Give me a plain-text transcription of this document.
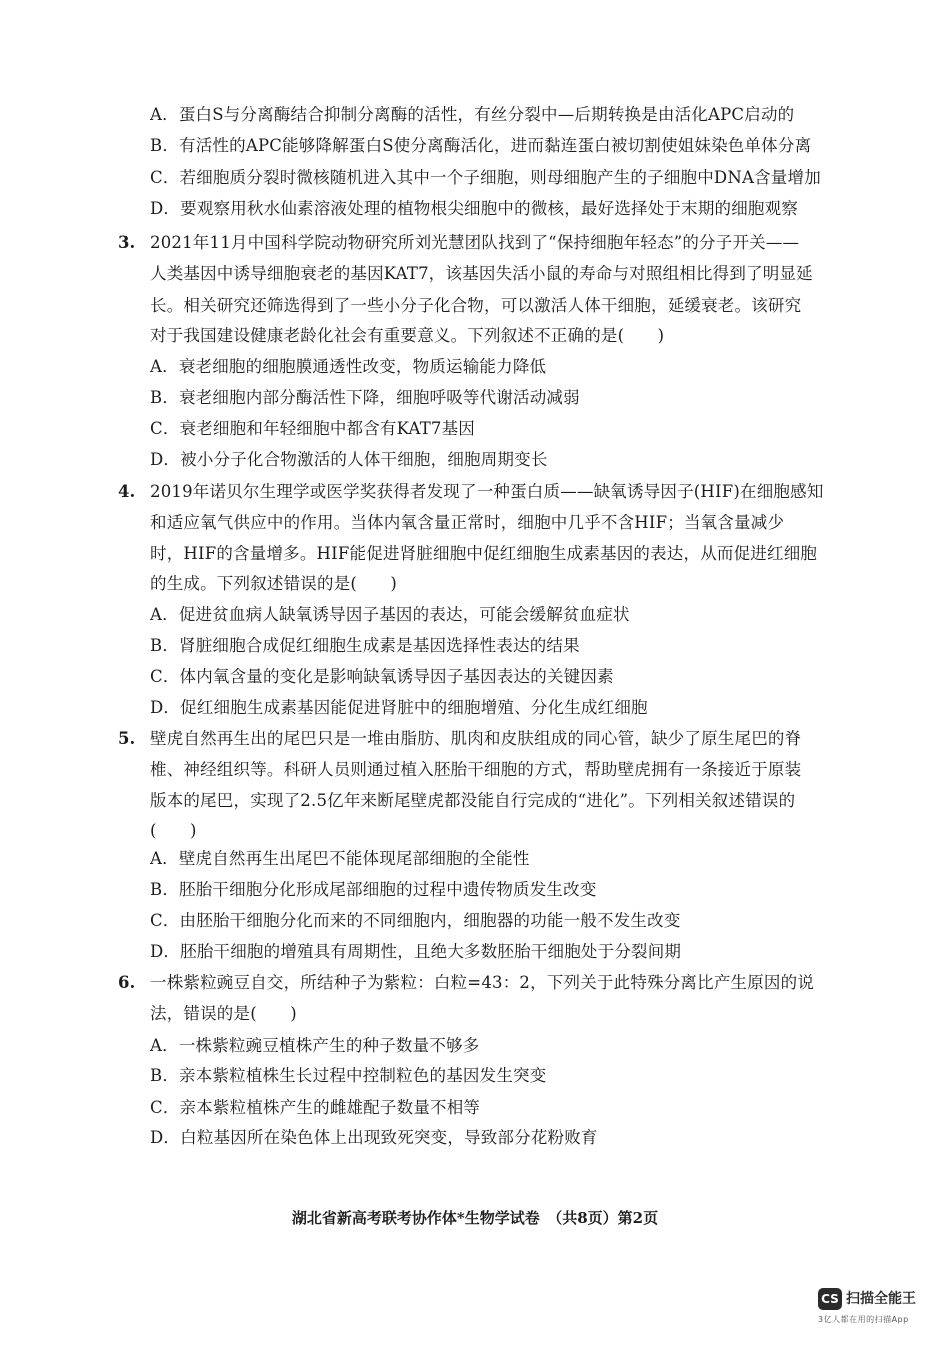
A．蛋白S与分离酶结合抑制分离酶的活性，有丝分裂中—后期转换是由活化APC启动的
B．有活性的APC能够降解蛋白S使分离酶活化，进而黏连蛋白被切割使姐妹染色单体分离
C．若细胞质分裂时微核随机进入其中一个子细胞，则母细胞产生的子细胞中DNA含量增加
D．要观察用秋水仙素溶液处理的植物根尖细胞中的微核，最好选择处于末期的细胞观察
3. 2021年11月中国科学院动物研究所刘光慧团队找到了“保持细胞年轻态”的分子开关——
人类基因中诱导细胞衰老的基因KAT7，该基因失活小鼠的寿命与对照组相比得到了明显延
长。相关研究还筛选得到了一些小分子化合物，可以激活人体干细胞，延缓衰老。该研究
对于我国建设健康老龄化社会有重要意义。下列叙述不正确的是(　　)
A．衰老细胞的细胞膜通透性改变，物质运输能力降低
B．衰老细胞内部分酶活性下降，细胞呼吸等代谢活动减弱
C．衰老细胞和年轻细胞中都含有KAT7基因
D．被小分子化合物激活的人体干细胞，细胞周期变长
4. 2019年诺贝尔生理学或医学奖获得者发现了一种蛋白质——缺氧诱导因子(HIF)在细胞感知
和适应氧气供应中的作用。当体内氧含量正常时，细胞中几乎不含HIF；当氧含量减少
时，HIF的含量增多。HIF能促进肾脏细胞中促红细胞生成素基因的表达，从而促进红细胞
的生成。下列叙述错误的是(　　)
A．促进贫血病人缺氧诱导因子基因的表达，可能会缓解贫血症状
B．肾脏细胞合成促红细胞生成素是基因选择性表达的结果
C．体内氧含量的变化是影响缺氧诱导因子基因表达的关键因素
D．促红细胞生成素基因能促进肾脏中的细胞增殖、分化生成红细胞
5. 壁虎自然再生出的尾巴只是一堆由脂肪、肌肉和皮肤组成的同心管，缺少了原生尾巴的脊
椎、神经组织等。科研人员则通过植入胚胎干细胞的方式，帮助壁虎拥有一条接近于原装
版本的尾巴，实现了2.5亿年来断尾壁虎都没能自行完成的“进化”。下列相关叙述错误的
(　　)
A．壁虎自然再生出尾巴不能体现尾部细胞的全能性
B．胚胎干细胞分化形成尾部细胞的过程中遗传物质发生改变
C．由胚胎干细胞分化而来的不同细胞内，细胞器的功能一般不发生改变
D．胚胎干细胞的增殖具有周期性，且绝大多数胚胎干细胞处于分裂间期
6. 一株紫粒豌豆自交，所结种子为紫粒：白粒=43：2，下列关于此特殊分离比产生原因的说
法，错误的是(　　)
A．一株紫粒豌豆植株产生的种子数量不够多
B．亲本紫粒植株生长过程中控制粒色的基因发生突变
C．亲本紫粒植株产生的雌雄配子数量不相等
D．白粒基因所在染色体上出现致死突变，导致部分花粉败育
湖北省新高考联考协作体*生物学试卷　（共8页）第2页
CS 扫描全能王
3亿人都在用的扫描App
